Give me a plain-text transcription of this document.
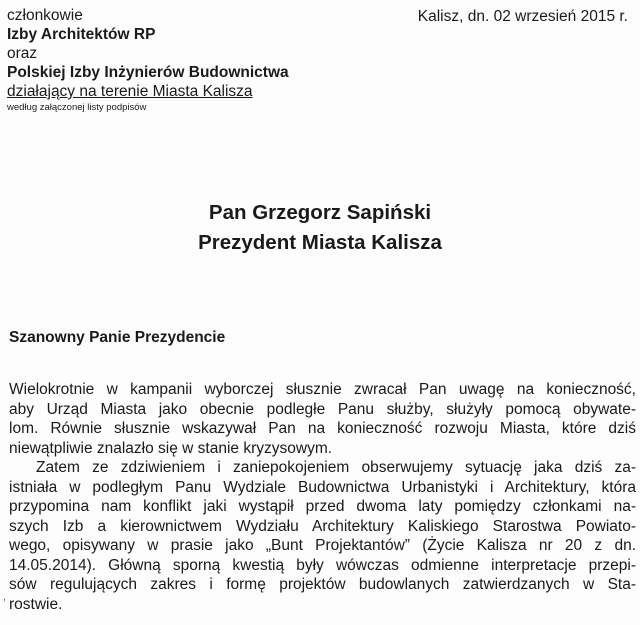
członkowie
Izby Architektów RP
oraz
Polskiej Izby Inżynierów Budownictwa
działający na terenie Miasta Kalisza
według załączonej listy podpisów
Kalisz, dn. 02 wrzesień 2015 r.
Pan Grzegorz Sapiński
Prezydent Miasta Kalisza
Szanowny Panie Prezydencie
Wielokrotnie w kampanii wyborczej słusznie zwracał Pan uwagę na konieczność,
aby Urząd Miasta jako obecnie podległe Panu służby, służyły pomocą obywate-
lom. Równie słusznie wskazywał Pan na konieczność rozwoju Miasta, które dziś
niewątpliwie znalazło się w stanie kryzysowym.
Zatem ze zdziwieniem i zaniepokojeniem obserwujemy sytuację jaka dziś za-
istniała w podległym Panu Wydziale Budownictwa Urbanistyki i Architektury, która
przypomina nam konflikt jaki wystąpił przed dwoma laty pomiędzy członkami na-
szych Izb a kierownictwem Wydziału Architektury Kaliskiego Starostwa Powiato-
wego, opisywany w prasie jako „Bunt Projektantów” (Życie Kalisza nr 20 z dn.
14.05.2014). Główną sporną kwestią były wówczas odmienne interpretacje przepi-
sów regulujących zakres i formę projektów budowlanych zatwierdzanych w Sta-
rostwie.
,
